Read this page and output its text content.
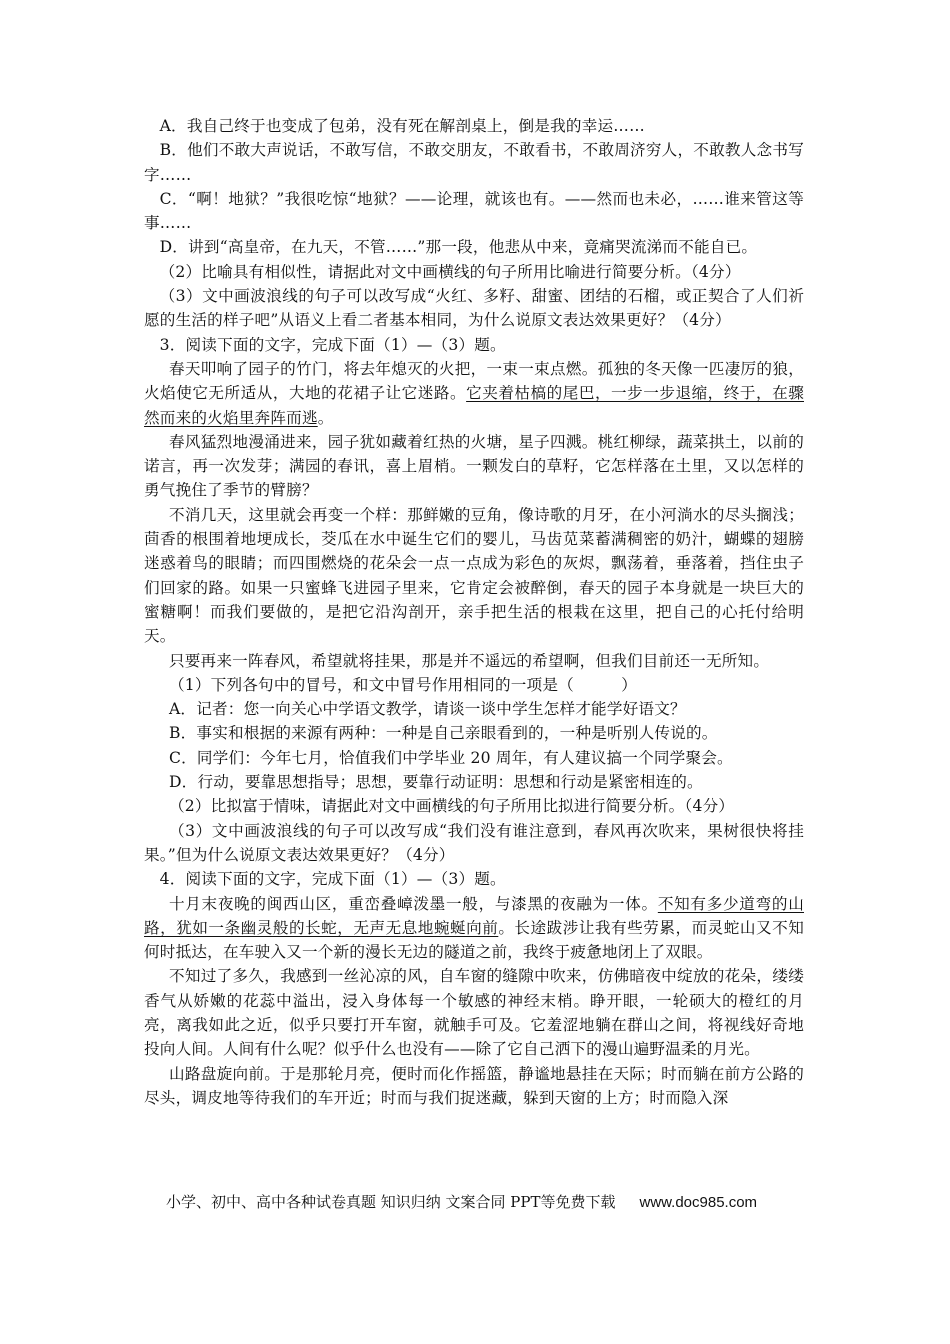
A．我自己终于也变成了包弟，没有死在解剖桌上，倒是我的幸运……

B．他们不敢大声说话，不敢写信，不敢交朋友，不敢看书，不敢周济穷人，不敢教人念书写字……

C．“啊！地狱？”我很吃惊“地狱？——论理，就该也有。——然而也未必，……谁来管这等事……

D．讲到“高皇帝，在九天，不管……”那一段，他悲从中来，竟痛哭流涕而不能自已。

（2）比喻具有相似性，请据此对文中画横线的句子所用比喻进行简要分析。（4分）

（3）文中画波浪线的句子可以改写成“火红、多籽、甜蜜、团结的石榴，或正契合了人们祈愿的生活的样子吧”从语义上看二者基本相同，为什么说原文表达效果更好？（4分）

3．阅读下面的文字，完成下面（1）—（3）题。

春天叩响了园子的竹门，将去年熄灭的火把，一束一束点燃。孤独的冬天像一匹凄厉的狼，火焰使它无所适从，大地的花裙子让它迷路。它夹着枯槁的尾巴，一步一步退缩，终于，在骤然而来的火焰里奔阵而逃。

春风猛烈地漫涌进来，园子犹如藏着红热的火塘，星子四溅。桃红柳绿，蔬菜拱土，以前的诺言，再一次发芽；满园的春讯，喜上眉梢。一颗发白的草籽，它怎样落在土里，又以怎样的勇气挽住了季节的臂膀？

不消几天，这里就会再变一个样：那鲜嫩的豆角，像诗歌的月牙，在小河淌水的尽头搁浅；茴香的根围着地埂成长，茭瓜在水中诞生它们的婴儿，马齿苋菜蓄满稠密的奶汁，蝴蝶的翅膀迷惑着鸟的眼睛；而四围燃烧的花朵会一点一点成为彩色的灰烬，飘荡着，垂落着，挡住虫子们回家的路。如果一只蜜蜂飞进园子里来，它肯定会被醉倒，春天的园子本身就是一块巨大的蜜糖啊！而我们要做的，是把它沿沟剖开，亲手把生活的根栽在这里，把自己的心托付给明天。

只要再来一阵春风，希望就将挂果，那是并不遥远的希望啊，但我们目前还一无所知。

（1）下列各句中的冒号，和文中冒号作用相同的一项是（　　　）

A．记者：您一向关心中学语文教学，请谈一谈中学生怎样才能学好语文？

B．事实和根据的来源有两种：一种是自己亲眼看到的，一种是听别人传说的。

C．同学们：今年七月，恰值我们中学毕业 20 周年，有人建议搞一个同学聚会。

D．行动，要靠思想指导；思想，要靠行动证明：思想和行动是紧密相连的。

（2）比拟富于情味，请据此对文中画横线的句子所用比拟进行简要分析。（4分）

（3）文中画波浪线的句子可以改写成“我们没有谁注意到，春风再次吹来，果树很快将挂果。”但为什么说原文表达效果更好？（4分）

4．阅读下面的文字，完成下面（1）—（3）题。

十月末夜晚的闽西山区，重峦叠嶂泼墨一般，与漆黑的夜融为一体。不知有多少道弯的山路，犹如一条幽灵般的长蛇，无声无息地蜿蜒向前。长途跋涉让我有些劳累，而灵蛇山又不知何时抵达，在车驶入又一个新的漫长无边的隧道之前，我终于疲惫地闭上了双眼。

不知过了多久，我感到一丝沁凉的风，自车窗的缝隙中吹来，仿佛暗夜中绽放的花朵，缕缕香气从娇嫩的花蕊中溢出，浸入身体每一个敏感的神经末梢。睁开眼，一轮硕大的橙红的月亮，离我如此之近，似乎只要打开车窗，就触手可及。它羞涩地躺在群山之间，将视线好奇地投向人间。人间有什么呢？似乎什么也没有——除了它自己洒下的漫山遍野温柔的月光。

山路盘旋向前。于是那轮月亮，便时而化作摇篮，静谧地悬挂在天际；时而躺在前方公路的尽头，调皮地等待我们的车开近；时而与我们捉迷藏，躲到天窗的上方；时而隐入深

小学、初中、高中各种试卷真题 知识归纳 文案合同 PPT等免费下载 www.doc985.com
